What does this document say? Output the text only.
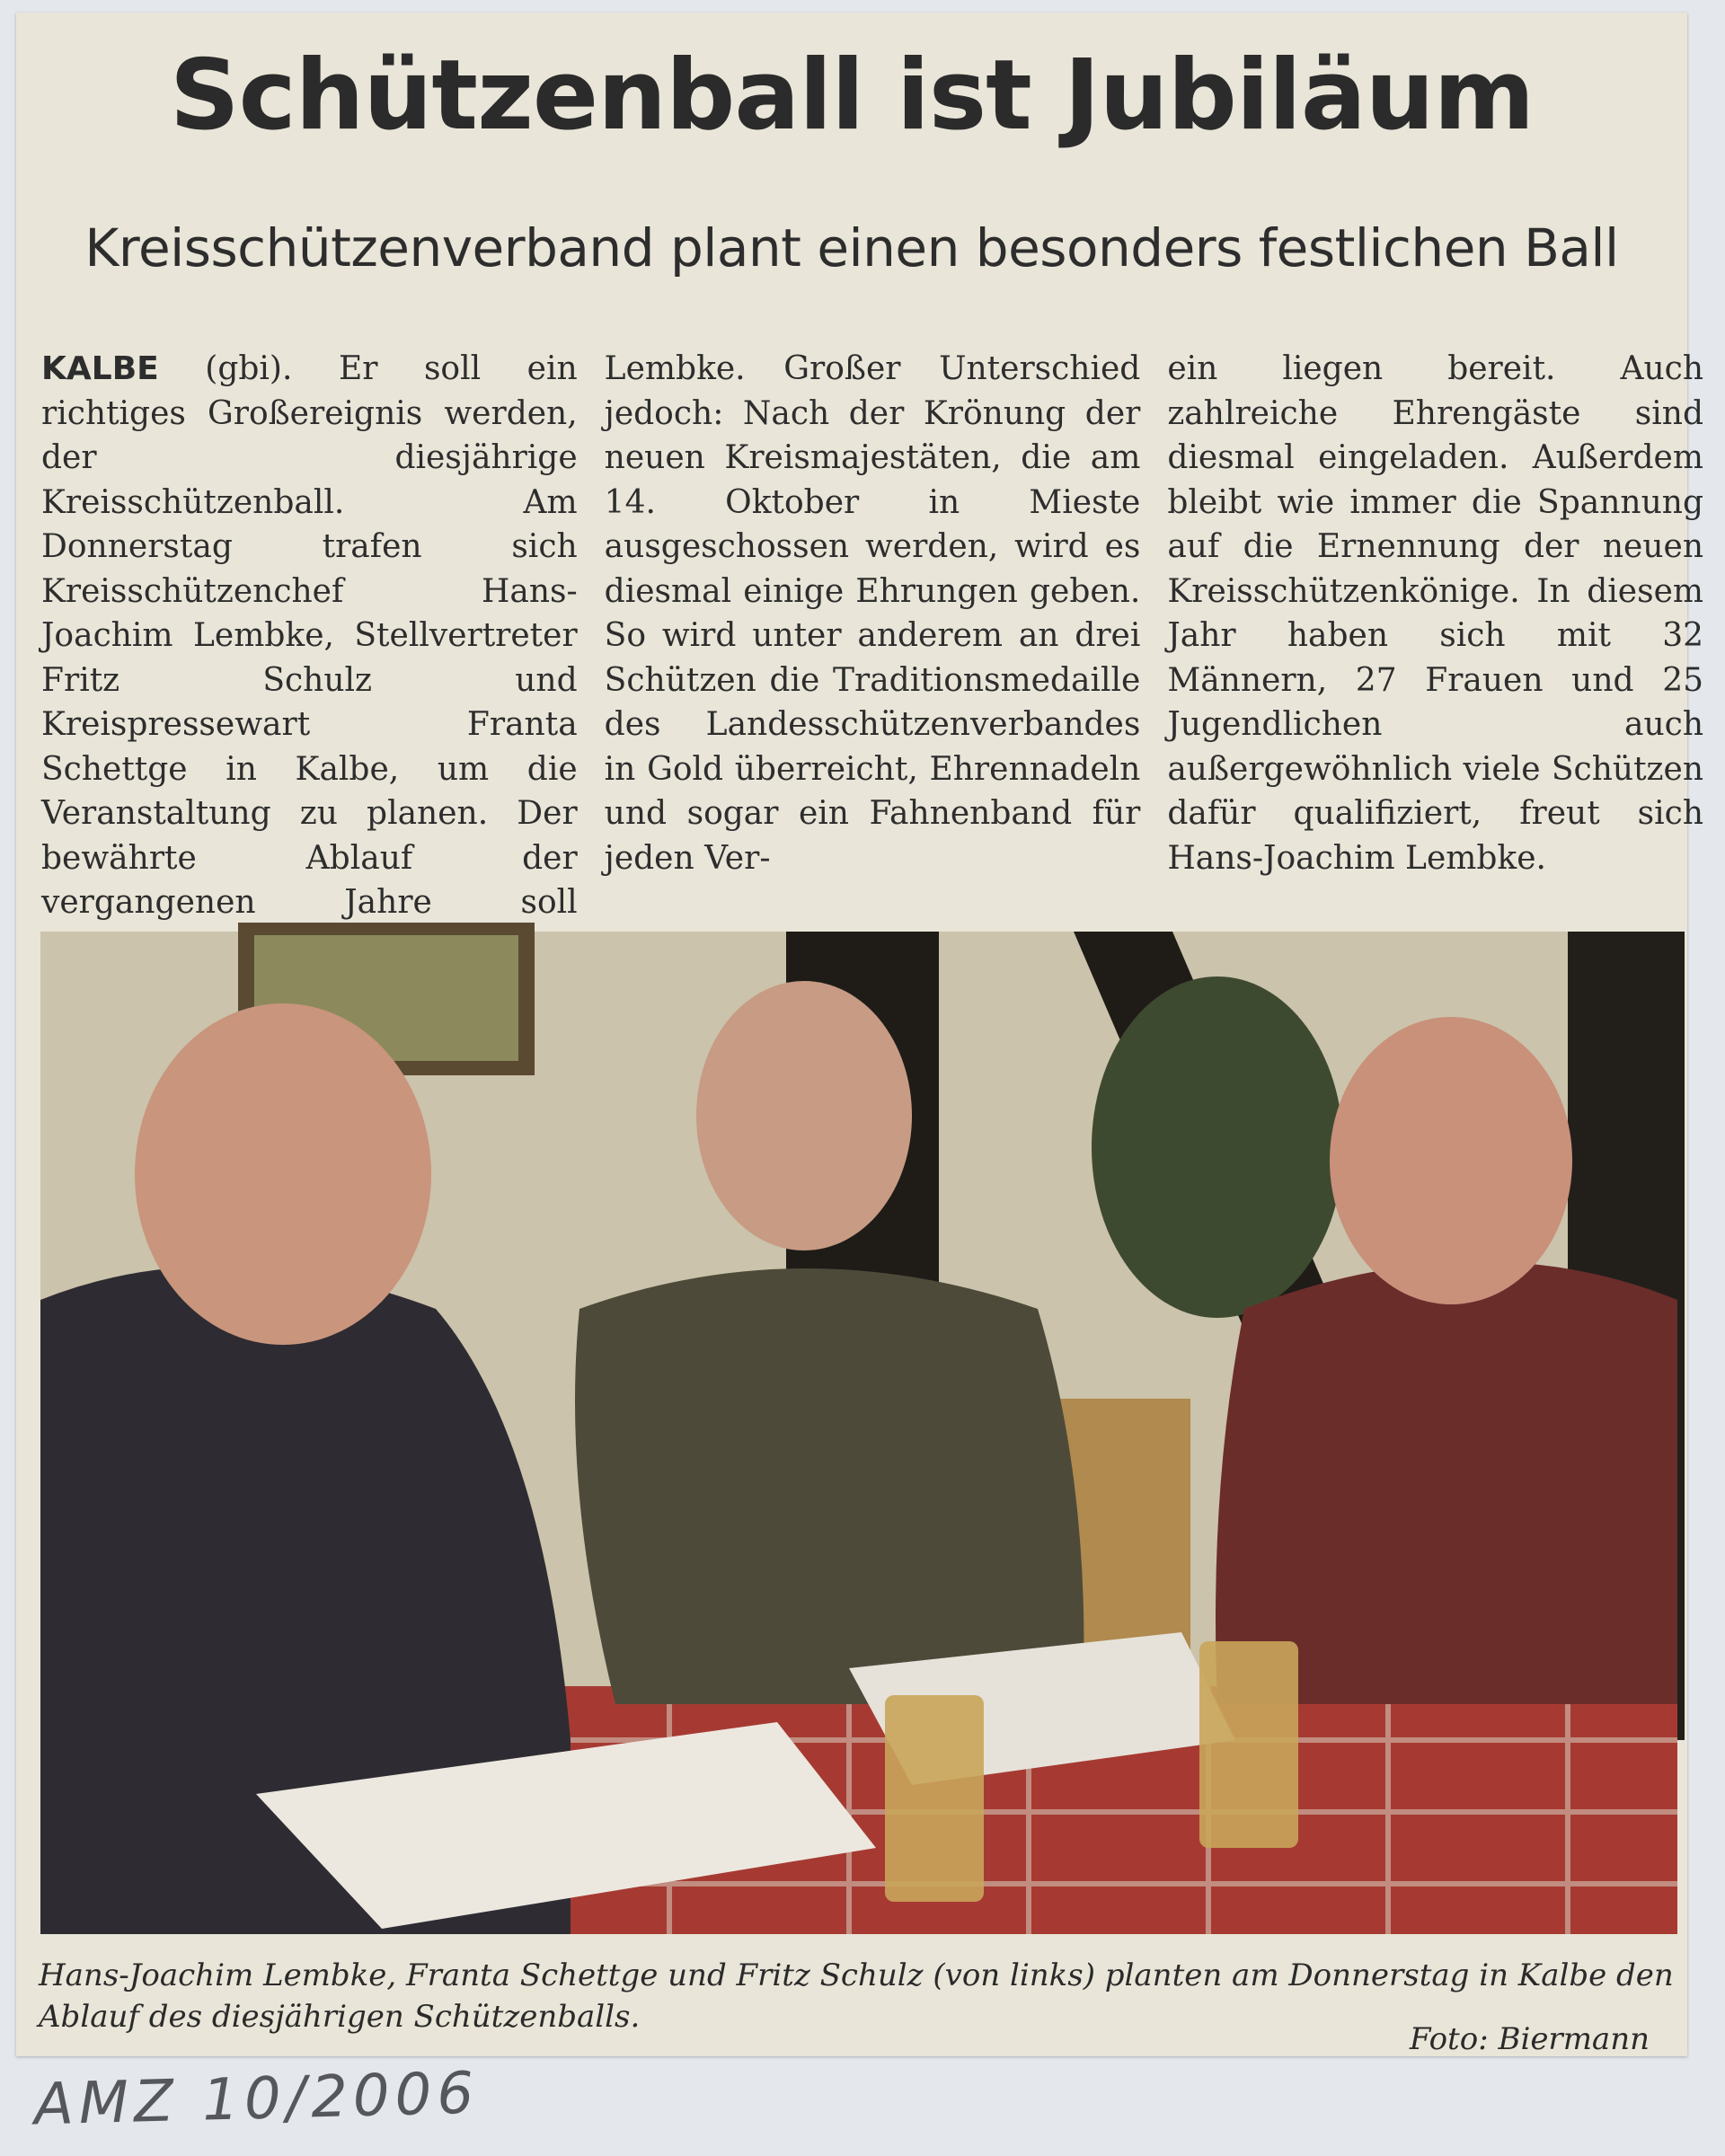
Schützenball ist Jubiläum
Kreisschützenverband plant einen besonders festlichen Ball
KALBE (gbi). Er soll ein richtiges Großereignis werden, der diesjährige Kreisschützenball. Am Donnerstag trafen sich Kreisschützenchef Hans-Joachim Lembke, Stellvertreter Fritz Schulz und Kreispressewart Franta Schettge in Kalbe, um die Veranstaltung zu planen. Der bewährte Ablauf der vergangenen Jahre soll
Lembke. Großer Unterschied jedoch: Nach der Krönung der neuen Kreismajestäten, die am 14. Oktober in Mieste ausgeschossen werden, wird es diesmal einige Ehrungen geben. So wird unter anderem an drei Schützen die Traditionsmedaille des Landesschützenverbandes in Gold überreicht, Ehrennadeln und sogar ein Fahnenband für jeden Ver-
ein liegen bereit. Auch zahlreiche Ehrengäste sind diesmal eingeladen. Außerdem bleibt wie immer die Spannung auf die Ernennung der neuen Kreisschützenkönige. In diesem Jahr haben sich mit 32 Männern, 27 Frauen und 25 Jugendlichen auch außergewöhnlich viele Schützen dafür qualifiziert, freut sich Hans-Joachim Lembke.
Hans-Joachim Lembke, Franta Schettge und Fritz Schulz (von links) planten am Donnerstag in Kalbe den Ablauf des diesjährigen Schützenballs.
Foto: Biermann
AMZ 10/2006
